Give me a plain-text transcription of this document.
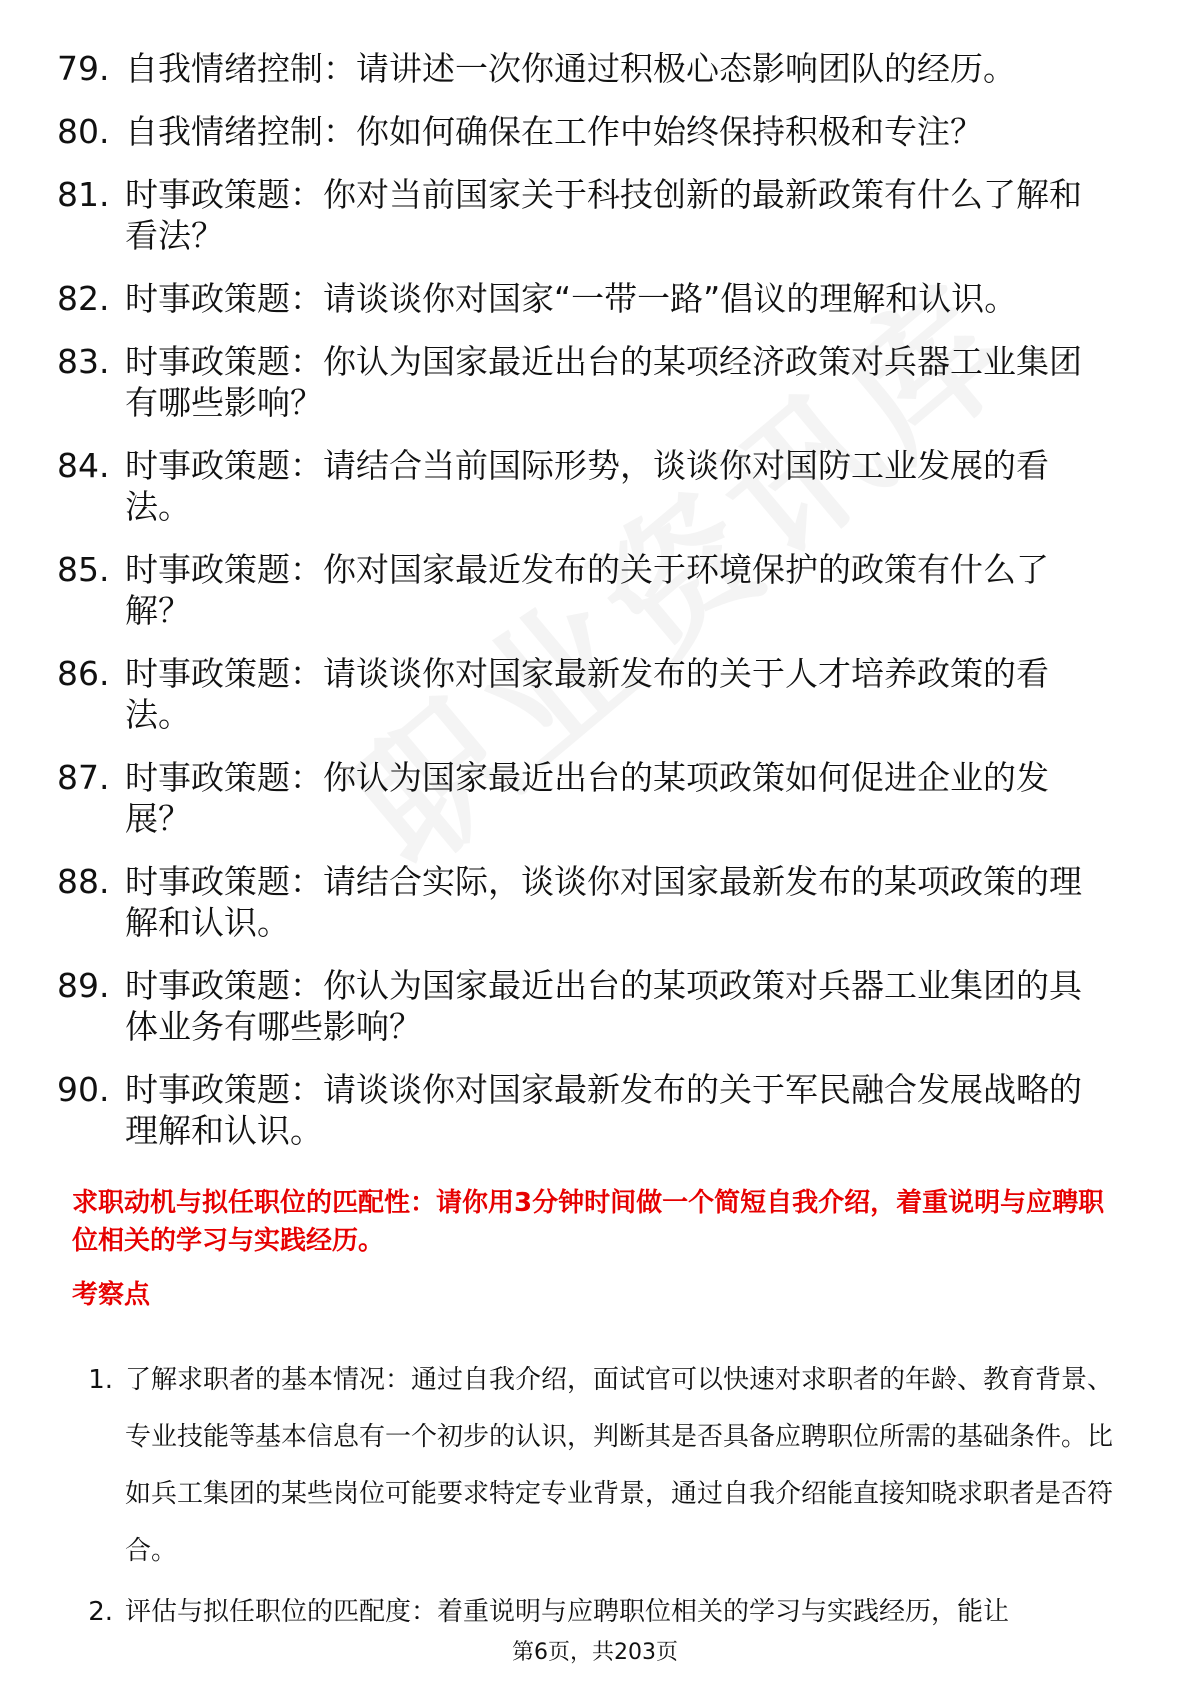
79. 自我情绪控制：请讲述一次你通过积极心态影响团队的经历。
80. 自我情绪控制：你如何确保在工作中始终保持积极和专注？
81. 时事政策题：你对当前国家关于科技创新的最新政策有什么了解和看法？
82. 时事政策题：请谈谈你对国家“一带一路”倡议的理解和认识。
83. 时事政策题：你认为国家最近出台的某项经济政策对兵器工业集团有哪些影响？
84. 时事政策题：请结合当前国际形势，谈谈你对国防工业发展的看法。
85. 时事政策题：你对国家最近发布的关于环境保护的政策有什么了解？
86. 时事政策题：请谈谈你对国家最新发布的关于人才培养政策的看法。
87. 时事政策题：你认为国家最近出台的某项政策如何促进企业的发展？
88. 时事政策题：请结合实际，谈谈你对国家最新发布的某项政策的理解和认识。
89. 时事政策题：你认为国家最近出台的某项政策对兵器工业集团的具体业务有哪些影响？
90. 时事政策题：请谈谈你对国家最新发布的关于军民融合发展战略的理解和认识。
求职动机与拟任职位的匹配性：请你用3分钟时间做一个简短自我介绍，着重说明与应聘职位相关的学习与实践经历。
考察点
1. 了解求职者的基本情况：通过自我介绍，面试官可以快速对求职者的年龄、教育背景、专业技能等基本信息有一个初步的认识，判断其是否具备应聘职位所需的基础条件。比如兵工集团的某些岗位可能要求特定专业背景，通过自我介绍能直接知晓求职者是否符合。
2. 评估与拟任职位的匹配度：着重说明与应聘职位相关的学习与实践经历，能让
第6页，共203页
